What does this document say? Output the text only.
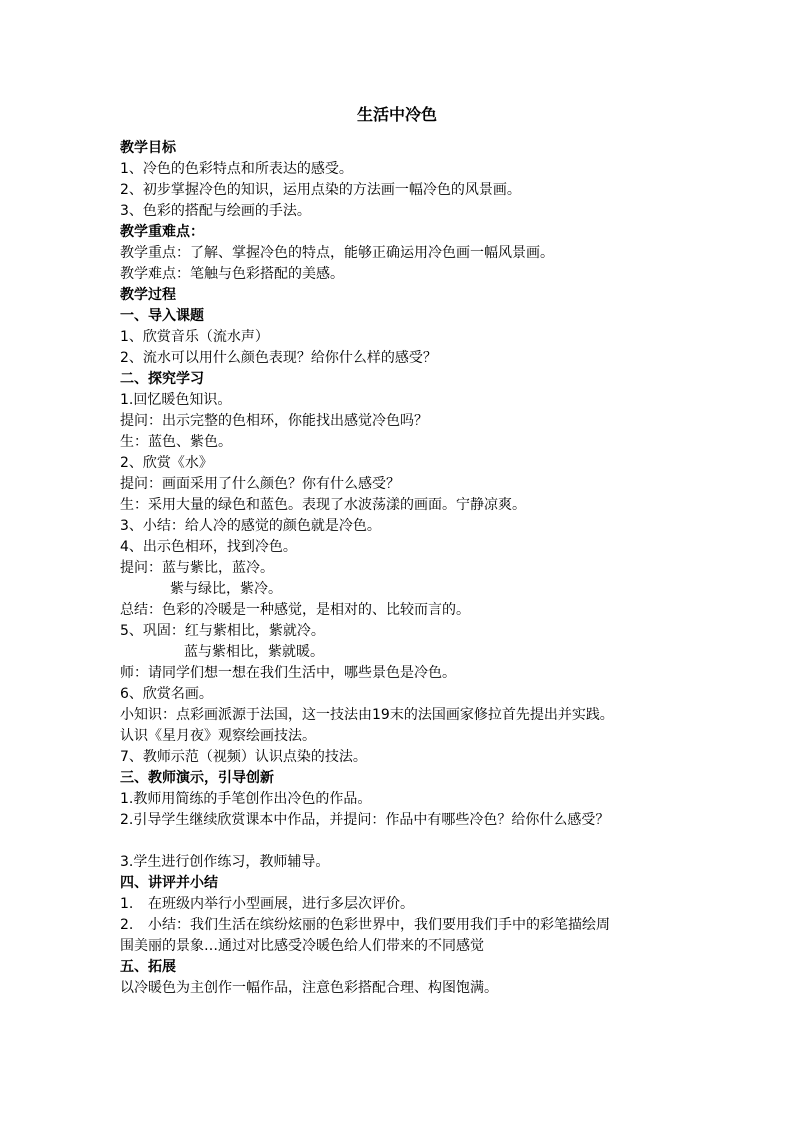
生活中冷色

教学目标

1、冷色的色彩特点和所表达的感受。

2、初步掌握冷色的知识，运用点染的方法画一幅冷色的风景画。

3、色彩的搭配与绘画的手法。

教学重难点：

教学重点：了解、掌握冷色的特点，能够正确运用冷色画一幅风景画。

教学难点：笔触与色彩搭配的美感。

教学过程

一、导入课题

1、欣赏音乐（流水声）

2、流水可以用什么颜色表现？给你什么样的感受？

二、探究学习

1.回忆暖色知识。

提问：出示完整的色相环，你能找出感觉冷色吗？

生：蓝色、紫色。

2、欣赏《水》

提问：画面采用了什么颜色？你有什么感受？

生：采用大量的绿色和蓝色。表现了水波荡漾的画面。宁静凉爽。

3、小结：给人冷的感觉的颜色就是冷色。

4、出示色相环，找到冷色。

提问：蓝与紫比，蓝冷。

紫与绿比，紫冷。

总结：色彩的冷暖是一种感觉，是相对的、比较而言的。

5、巩固：红与紫相比，紫就冷。

蓝与紫相比，紫就暖。

师：请同学们想一想在我们生活中，哪些景色是冷色。

6、欣赏名画。

小知识：点彩画派源于法国，这一技法由19末的法国画家修拉首先提出并实践。

认识《星月夜》观察绘画技法。

7、教师示范（视频）认识点染的技法。

三、教师演示，引导创新

1.教师用简练的手笔创作出冷色的作品。

2.引导学生继续欣赏课本中作品，并提问：作品中有哪些冷色？给你什么感受？

3.学生进行创作练习，教师辅导。

四、讲评并小结

1. 在班级内举行小型画展，进行多层次评价。

2. 小结：我们生活在缤纷炫丽的色彩世界中，我们要用我们手中的彩笔描绘周

围美丽的景象…通过对比感受冷暖色给人们带来的不同感觉

五、拓展

以冷暖色为主创作一幅作品，注意色彩搭配合理、构图饱满。
